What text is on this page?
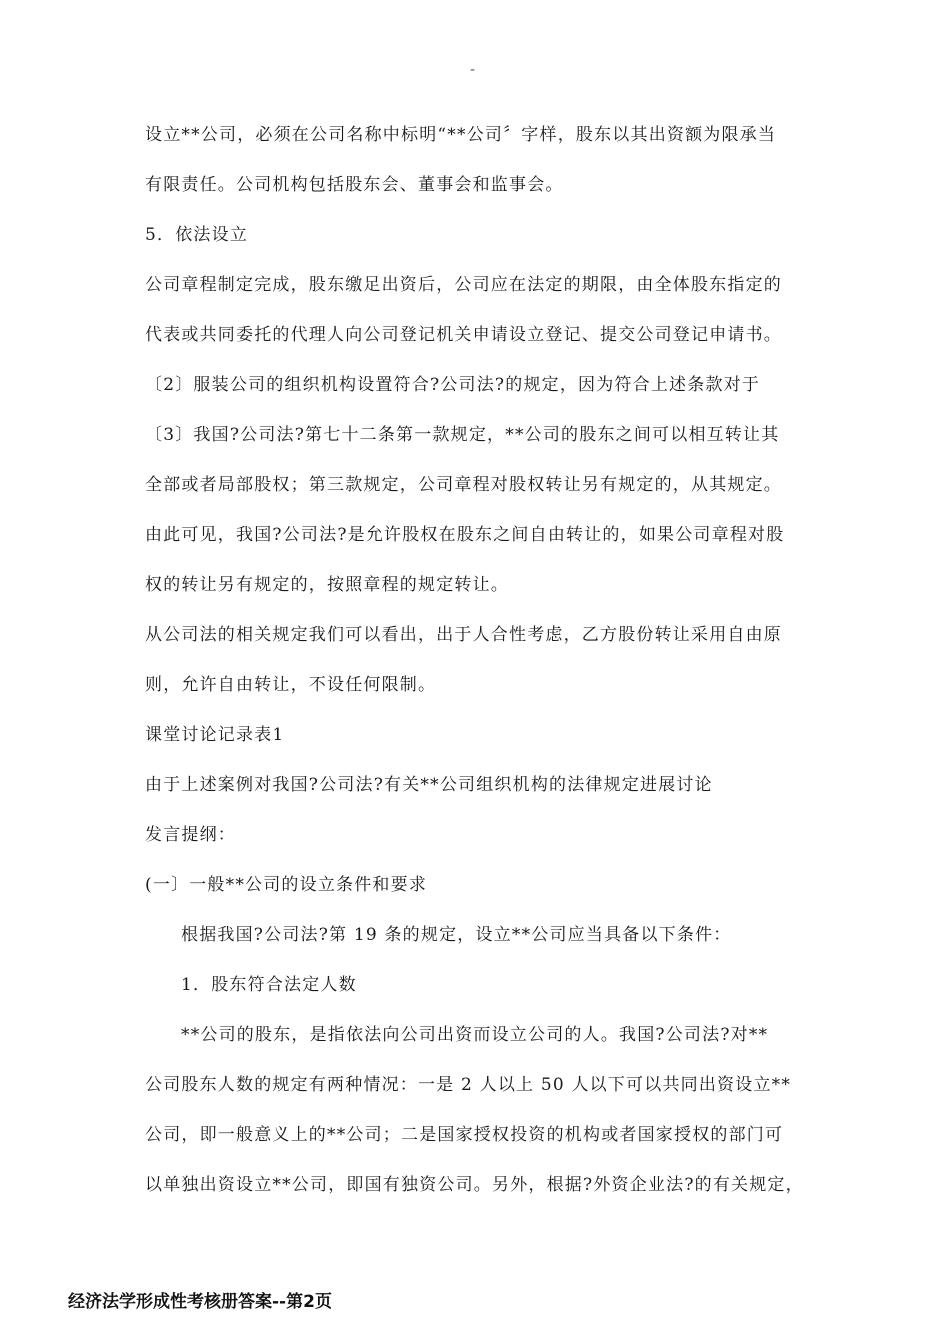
-
设立**公司，必须在公司名称中标明“**公司〞字样，股东以其出资额为限承当
有限责任。公司机构包括股东会、董事会和监事会。
5．依法设立
公司章程制定完成，股东缴足出资后，公司应在法定的期限，由全体股东指定的
代表或共同委托的代理人向公司登记机关申请设立登记、提交公司登记申请书。
〔2〕服装公司的组织机构设置符合?公司法?的规定，因为符合上述条款对于
〔3〕我国?公司法?第七十二条第一款规定，**公司的股东之间可以相互转让其
全部或者局部股权；第三款规定，公司章程对股权转让另有规定的，从其规定。
由此可见，我国?公司法?是允许股权在股东之间自由转让的，如果公司章程对股
权的转让另有规定的，按照章程的规定转让。
从公司法的相关规定我们可以看出，出于人合性考虑，乙方股份转让采用自由原
则，允许自由转让，不设任何限制。
课堂讨论记录表1
由于上述案例对我国?公司法?有关**公司组织机构的法律规定进展讨论
发言提纲：
(一〕一般**公司的设立条件和要求
根据我国?公司法?第 19 条的规定，设立**公司应当具备以下条件：
1．股东符合法定人数
**公司的股东，是指依法向公司出资而设立公司的人。我国?公司法?对**
公司股东人数的规定有两种情况：一是 2 人以上 50 人以下可以共同出资设立**
公司，即一般意义上的**公司；二是国家授权投资的机构或者国家授权的部门可
以单独出资设立**公司，即国有独资公司。另外，根据?外资企业法?的有关规定，
经济法学形成性考核册答案--第2页
